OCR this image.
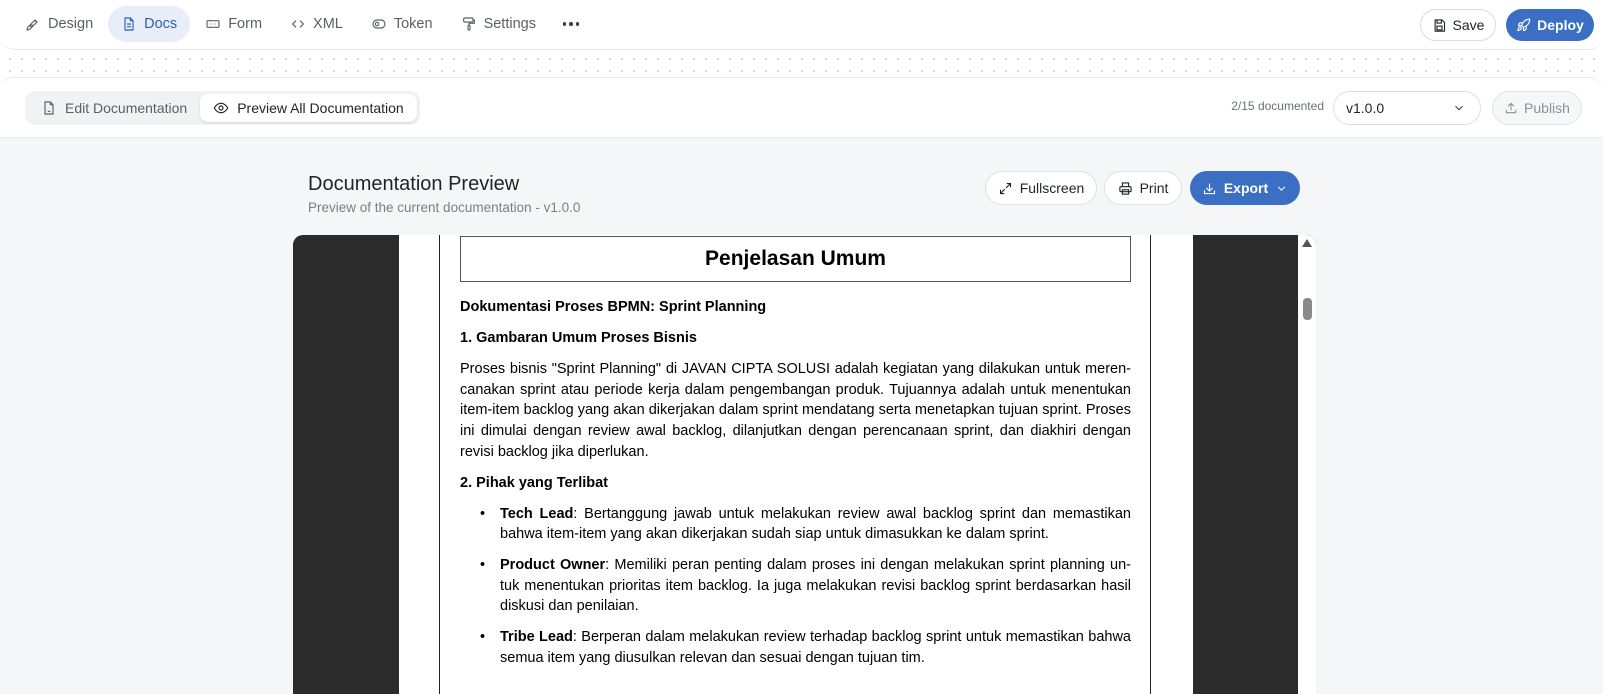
Design	Docs	Form	XML	Token	Settings	Save	Deploy
Edit Documentation	Preview All Documentation	2/15 documented v1.0.0	Publish
Documentation Preview
Preview of the current documentation - v1.0.0
Fullscreen	Print	Export
Penjelasan Umum
Dokumentasi Proses BPMN: Sprint Planning
1. Gambaran Umum Proses Bisnis

Proses bisnis "Sprint Planning" di JAVAN CIPTA SOLUSI adalah kegiatan yang dilakukan untuk merencanakan sprint atau periode kerja dalam pengembangan produk. Tujuannya adalah untuk menentukan item-item backlog yang akan dikerjakan dalam sprint mendatang serta menetapkan tujuan sprint. Proses ini dimulai dengan review awal backlog, dilanjutkan dengan perencanaan sprint, dan diakhiri dengan revisi backlog jika diperlukan.

2. Pihak yang Terlibat
• Tech Lead: Bertanggung jawab untuk melakukan review awal backlog sprint dan memastikan bahwa item-item yang akan dikerjakan sudah siap untuk dimasukkan ke dalam sprint.
• Product Owner: Memiliki peran penting dalam proses ini dengan melakukan sprint planning untuk menentukan prioritas item backlog. Ia juga melakukan revisi backlog sprint berdasarkan hasil diskusi dan penilaian.
• Tribe Lead: Berperan dalam melakukan review terhadap backlog sprint untuk memastikan bahwa semua item yang diusulkan relevan dan sesuai dengan tujuan tim.
